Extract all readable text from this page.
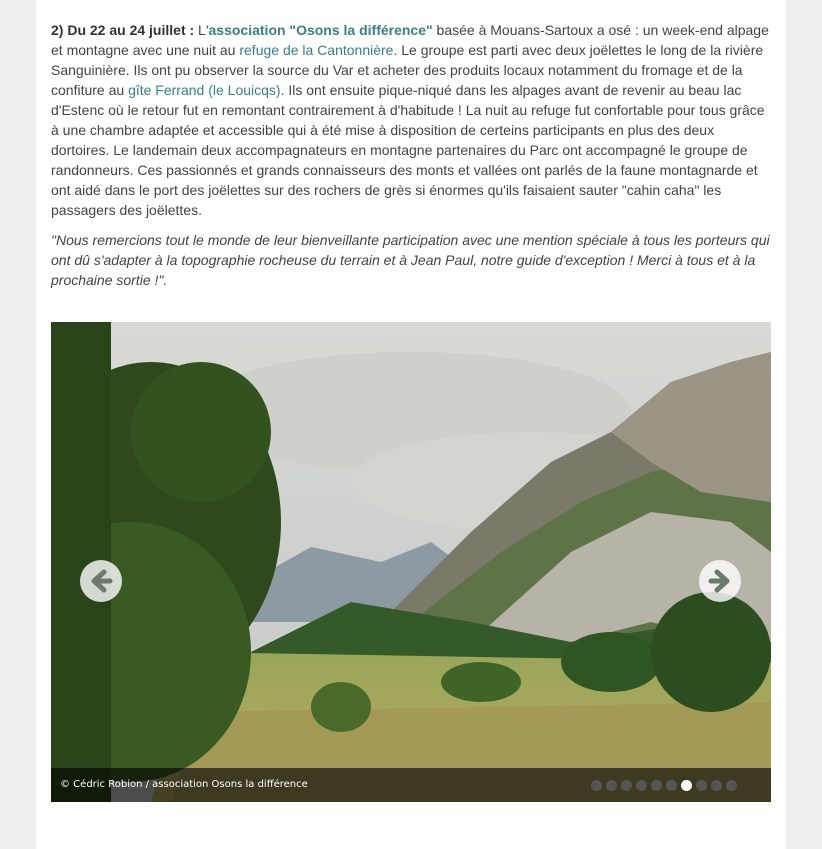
2) Du 22 au 24 juillet : L'association "Osons la différence" basée à Mouans-Sartoux a osé : un week-end alpage et montagne avec une nuit au refuge de la Cantonnière. Le groupe est parti avec deux joëlettes le long de la rivière Sanguinière. Ils ont pu observer la source du Var et acheter des produits locaux notamment du fromage et de la confiture au gîte Ferrand (le Louicqs). Ils ont ensuite pique-niqué dans les alpages avant de revenir au beau lac d'Estenc où le retour fut en remontant contrairement à d'habitude ! La nuit au refuge fut confortable pour tous grâce à une chambre adaptée et accessible qui à été mise à disposition de certeins participants en plus des deux dortoires. Le landemain deux accompagnateurs en montagne partenaires du Parc ont accompagné le groupe de randonneurs. Ces passionnés et grands connaisseurs des monts et vallées ont parlés de la faune montagnarde et ont aidé dans le port des joëlettes sur des rochers de grès si énormes qu'ils faisaient sauter "cahin caha" les passagers des joëlettes.

"Nous remercions tout le monde de leur bienveillante participation avec une mention spéciale à tous les porteurs qui ont dû s'adapter à la topographie rocheuse du terrain et à Jean Paul, notre guide d'exception ! Merci à tous et à la prochaine sortie !".

© Cédric Robion / association Osons la différence
